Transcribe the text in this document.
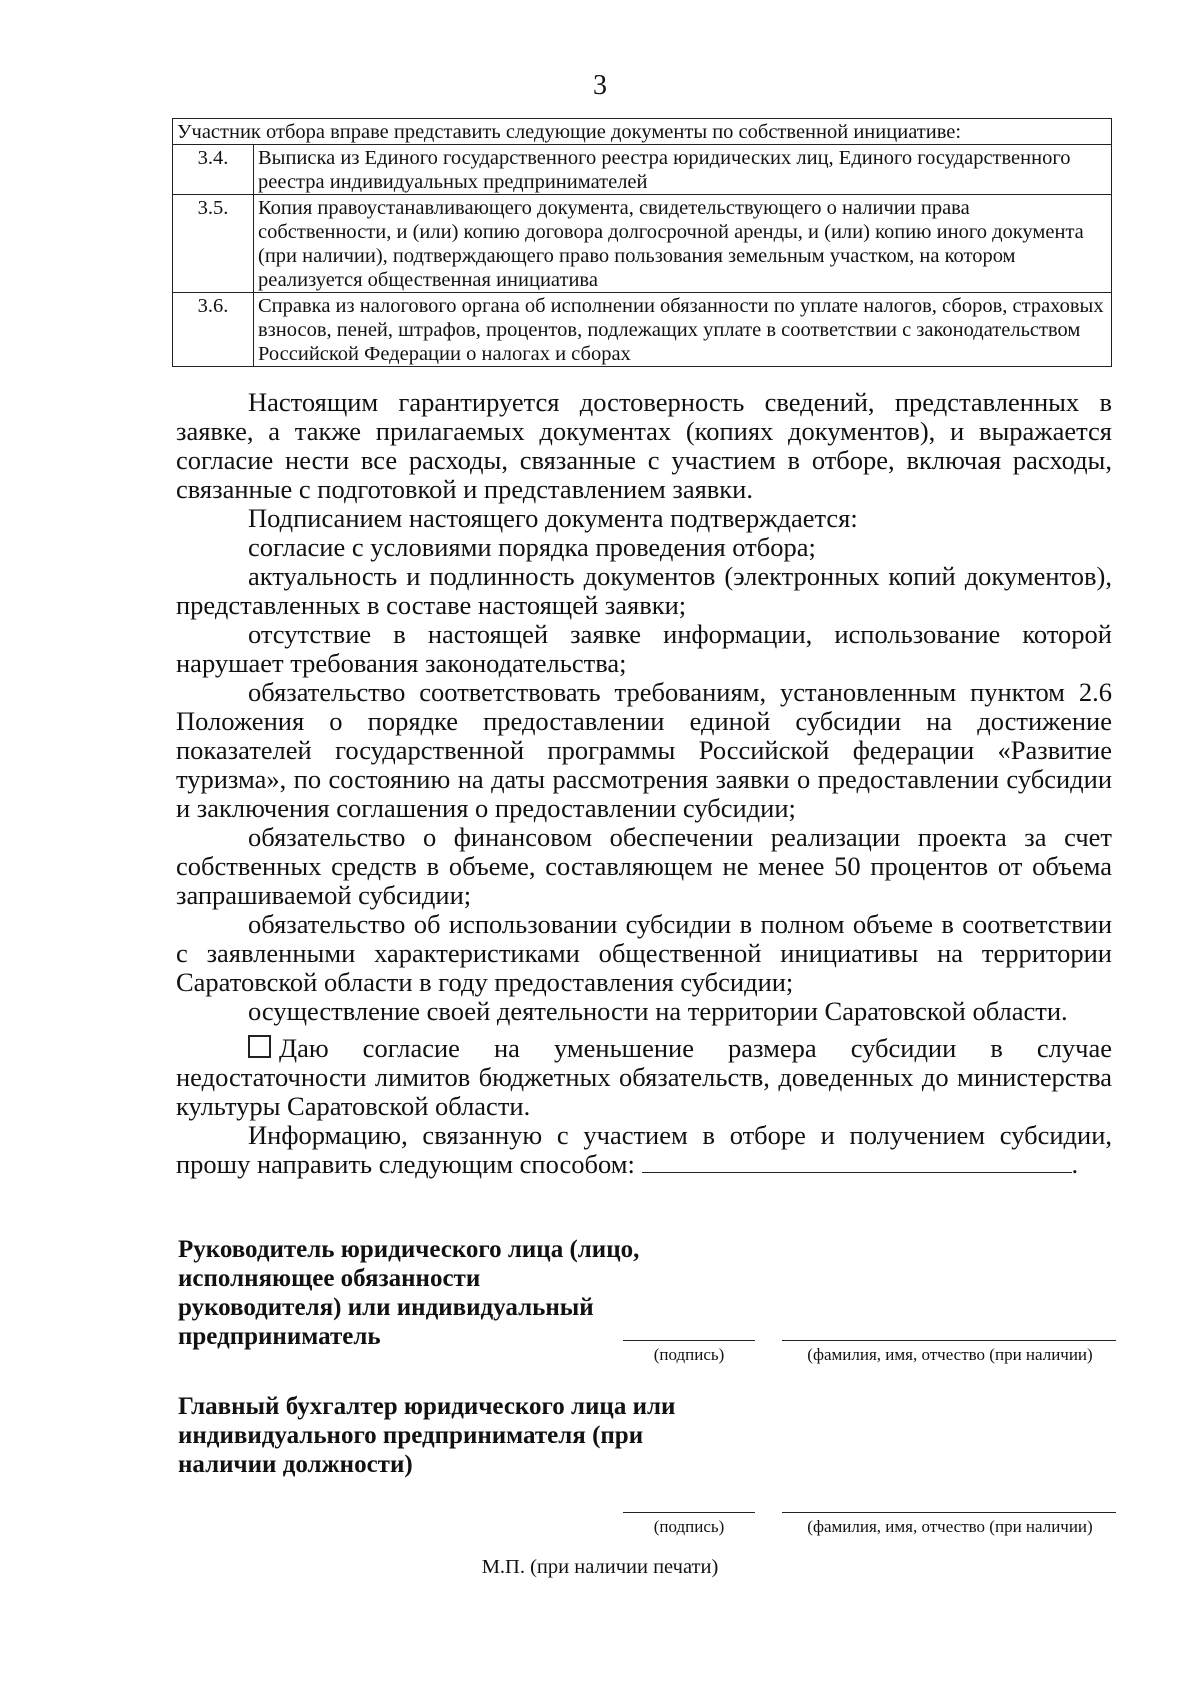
3
Участник отбора вправе представить следующие документы по собственной инициативе:	
3.4.	Выписка из Единого государственного реестра юридических лиц, Единого государственного реестра индивидуальных предпринимателей
3.5.	Копия правоустанавливающего документа, свидетельствующего о наличии права собственности, и (или) копию договора долгосрочной аренды, и (или) копию иного документа (при наличии), подтверждающего право пользования земельным участком, на котором реализуется общественная инициатива
3.6.	Справка из налогового органа об исполнении обязанности по уплате налогов, сборов, страховых взносов, пеней, штрафов, процентов, подлежащих уплате в соответствии с законодательством Российской Федерации о налогах и сборах

Настоящим гарантируется достоверность сведений, представленных в заявке, а также прилагаемых документах (копиях документов), и выражается согласие нести все расходы, связанные с участием в отборе, включая расходы, связанные с подготовкой и представлением заявки.

Подписанием настоящего документа подтверждается:

согласие с условиями порядка проведения отбора;

актуальность и подлинность документов (электронных копий документов), представленных в составе настоящей заявки;

отсутствие в настоящей заявке информации, использование которой нарушает требования законодательства;

обязательство соответствовать требованиям, установленным пунктом 2.6 Положения о порядке предоставлении единой субсидии на достижение показателей государственной программы Российской федерации «Развитие туризма», по состоянию на даты рассмотрения заявки о предоставлении субсидии и заключения соглашения о предоставлении субсидии;

обязательство о финансовом обеспечении реализации проекта за счет собственных средств в объеме, составляющем не менее 50 процентов от объема запрашиваемой субсидии;

обязательство об использовании субсидии в полном объеме в соответствии с заявленными характеристиками общественной инициативы на территории Саратовской области в году предоставления субсидии;

осуществление своей деятельности на территории Саратовской области.

Даю согласие на уменьшение размера субсидии в случае недостаточности лимитов бюджетных обязательств, доведенных до министерства культуры Саратовской области.

Информацию, связанную с участием в отборе и получением субсидии, прошу направить следующим способом:	.

Руководитель юридического лица (лицо, исполняющее обязанности руководителя) или индивидуальный предприниматель
(подпись)	(фамилия, имя, отчество (при наличии)
Главный бухгалтер юридического лица или индивидуального предпринимателя (при наличии должности)
(подпись)	(фамилия, имя, отчество (при наличии)
М.П. (при наличии печати)
